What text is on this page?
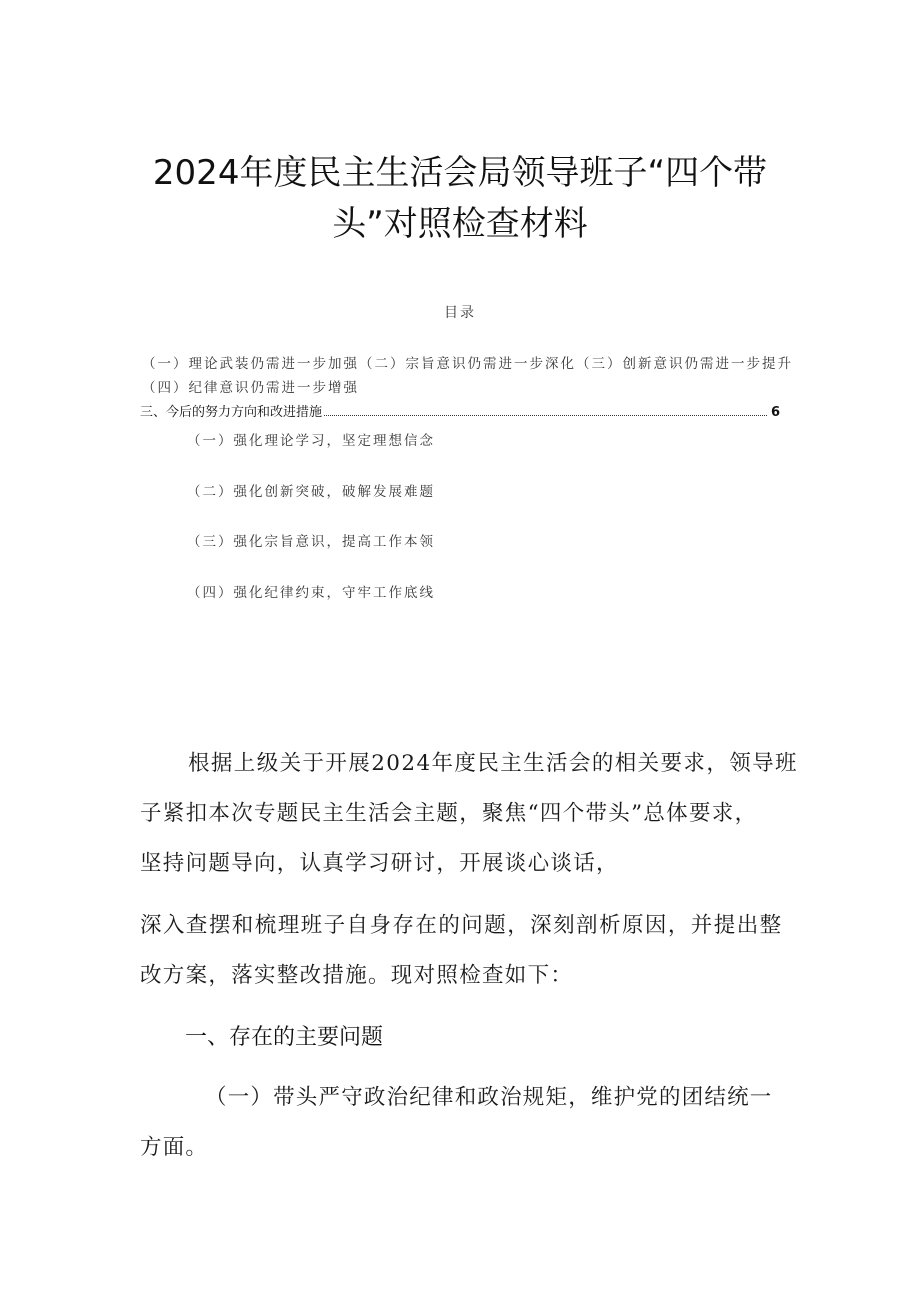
2024年度民主生活会局领导班子“四个带
头”对照检查材料
目录
（一）理论武装仍需进一步加强（二）宗旨意识仍需进一步深化（三）创新意识仍需进一步提升
（四）纪律意识仍需进一步增强
三、今后的努力方向和改进措施	6
（一）强化理论学习，坚定理想信念
（二）强化创新突破，破解发展难题
（三）强化宗旨意识，提高工作本领
（四）强化纪律约束，守牢工作底线
根据上级关于开展2024年度民主生活会的相关要求，领导班
子紧扣本次专题民主生活会主题，聚焦“四个带头”总体要求，
坚持问题导向，认真学习研讨，开展谈心谈话，
深入查摆和梳理班子自身存在的问题，深刻剖析原因，并提出整
改方案，落实整改措施。现对照检查如下：
一、存在的主要问题
（一）带头严守政治纪律和政治规矩，维护党的团结统一
方面。
